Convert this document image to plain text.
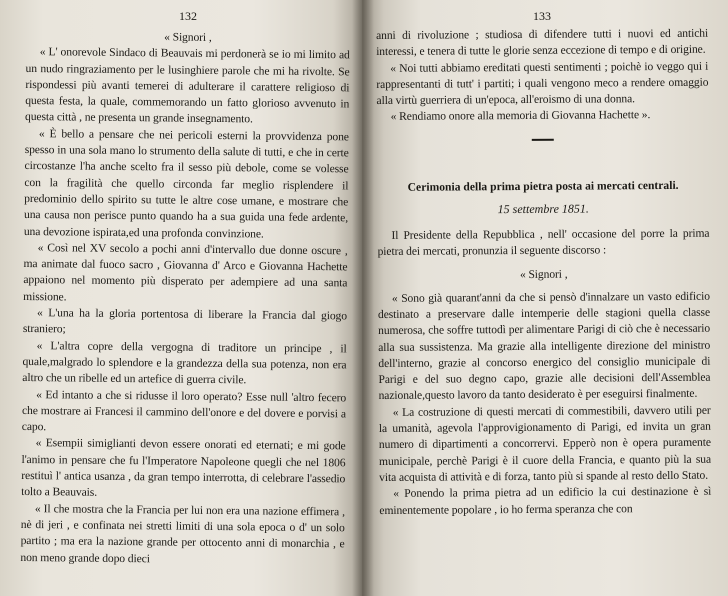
132

« Signori ,

« L' onorevole Sindaco di Beauvais mi perdonerà se io mi limito ad un nudo ringraziamento per le lusinghiere parole che mi ha rivolte. Se rispondessi più avanti temerei di adulterare il carattere religioso di questa festa, la quale, commemorando un fatto glorioso avvenuto in questa città , ne presenta un grande insegnamento.

« È bello a pensare che nei pericoli esterni la provvidenza pone spesso in una sola mano lo strumento della salute di tutti, e che in certe circostanze l'ha anche scelto fra il sesso più debole, come se volesse con la fragilità che quello circonda far meglio risplendere il predominio dello spirito su tutte le altre cose umane, e mostrare che una causa non perisce punto quando ha a sua guida una fede ardente, una devozione ispirata,ed una profonda convinzione.

« Così nel XV secolo a pochi anni d'intervallo due donne oscure , ma animate dal fuoco sacro , Giovanna d' Arco e Giovanna Hachette appaiono nel momento più disperato per adempiere ad una santa missione.

« L'una ha la gloria portentosa di liberare la Francia dal giogo straniero;

« L'altra copre della vergogna di traditore un principe , il quale,malgrado lo splendore e la grandezza della sua potenza, non era altro che un ribelle ed un artefice di guerra civile.

« Ed intanto a che si ridusse il loro operato? Esse null 'altro fecero che mostrare ai Francesi il cammino dell'onore e del dovere e porvisi a capo.

« Esempii simiglianti devon essere onorati ed eternati; e mi gode l'animo in pensare che fu l'Imperatore Napoleone quegli che nel 1806 restituì l' antica usanza , da gran tempo interrotta, di celebrare l'assedio tolto a Beauvais.

« Il che mostra che la Francia per lui non era una nazione effimera , nè di jeri , e confinata nei stretti limiti di una sola epoca o d' un solo partito ; ma era la nazione grande per ottocento anni di monarchia , e non meno grande dopo dieci

133

anni di rivoluzione ; studiosa di difendere tutti i nuovi ed antichi interessi, e tenera di tutte le glorie senza eccezione di tempo e di origine.

« Noi tutti abbiamo ereditati questi sentimenti ; poichè io veggo qui i rappresentanti di tutt' i partiti; i quali vengono meco a rendere omaggio alla virtù guerriera di un'epoca, all'eroismo di una donna.

« Rendiamo onore alla memoria di Giovanna Hachette ».

Cerimonia della prima pietra posta ai mercati centrali.
15 settembre 1851.

Il Presidente della Repubblica , nell' occasione del porre la prima pietra dei mercati, pronunzia il seguente discorso :

« Signori ,

« Sono già quarant'anni da che si pensò d'innalzare un vasto edificio destinato a preservare dalle intemperie delle stagioni quella classe numerosa, che soffre tuttodì per alimentare Parigi di ciò che è necessario alla sua sussistenza. Ma grazie alla intelligente direzione del ministro dell'interno, grazie al concorso energico del consiglio municipale di Parigi e del suo degno capo, grazie alle decisioni dell'Assemblea nazionale,questo lavoro da tanto desiderato è per eseguirsi finalmente.

« La costruzione di questi mercati di commestibili, davvero utili per la umanità, agevola l'approvigionamento di Parigi, ed invita un gran numero di dipartimenti a concorrervi. Epperò non è opera puramente municipale, perchè Parigi è il cuore della Francia, e quanto più la sua vita acquista di attività e di forza, tanto più si spande al resto dello Stato.

« Ponendo la prima pietra ad un edificio la cui destinazione è sì eminentemente popolare , io ho ferma speranza che con
